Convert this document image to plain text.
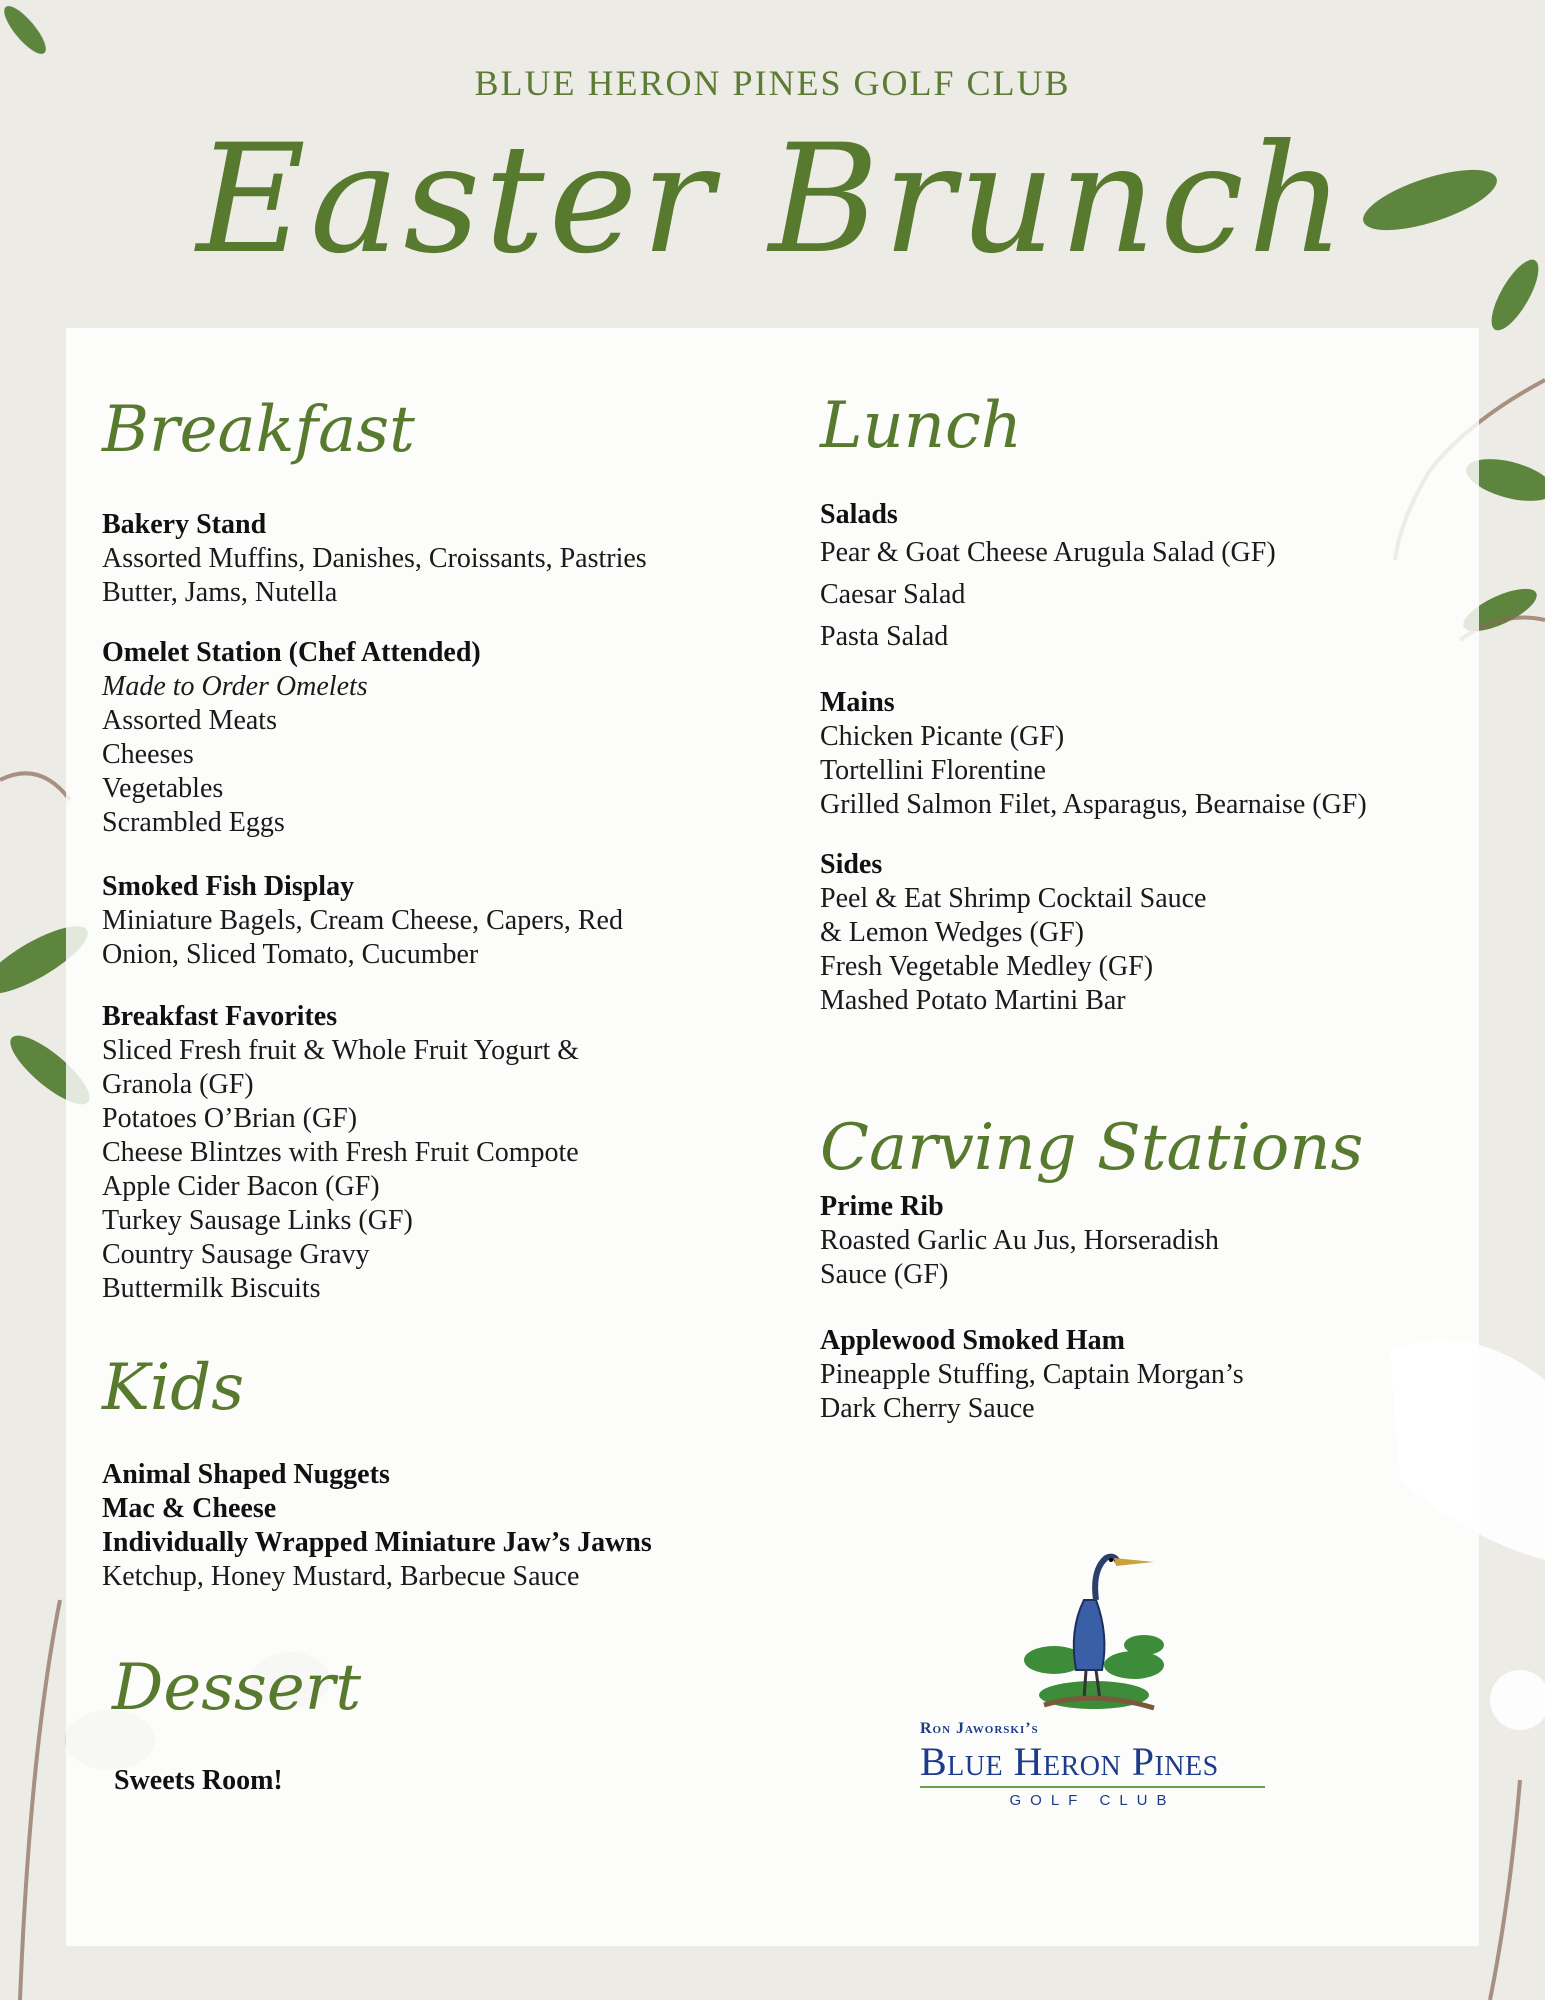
BLUE HERON PINES GOLF CLUB
Easter Brunch
Breakfast
Bakery Stand
Assorted Muffins, Danishes, Croissants, Pastries
Butter, Jams, Nutella
Omelet Station (Chef Attended)
Made to Order Omelets
Assorted Meats
Cheeses
Vegetables
Scrambled Eggs
Smoked Fish Display
Miniature Bagels, Cream Cheese, Capers, Red
Onion, Sliced Tomato, Cucumber
Breakfast Favorites
Sliced Fresh fruit & Whole Fruit Yogurt &
Granola (GF)
Potatoes O’Brian (GF)
Cheese Blintzes with Fresh Fruit Compote
Apple Cider Bacon (GF)
Turkey Sausage Links (GF)
Country Sausage Gravy
Buttermilk Biscuits
Kids
Animal Shaped Nuggets
Mac & Cheese
Individually Wrapped Miniature Jaw’s Jawns
Ketchup, Honey Mustard, Barbecue Sauce
Dessert
Sweets Room!
Lunch
Salads
Pear & Goat Cheese Arugula Salad (GF)
Caesar Salad
Pasta Salad
Mains
Chicken Picante (GF)
Tortellini Florentine
Grilled Salmon Filet, Asparagus, Bearnaise (GF)
Sides
Peel & Eat Shrimp Cocktail Sauce
& Lemon Wedges (GF)
Fresh Vegetable Medley (GF)
Mashed Potato Martini Bar
Carving Stations
Prime Rib
Roasted Garlic Au Jus, Horseradish
Sauce (GF)
Applewood Smoked Ham
Pineapple Stuffing, Captain Morgan’s
Dark Cherry Sauce
Ron Jaworski’s
Blue Heron Pines
GOLF CLUB
